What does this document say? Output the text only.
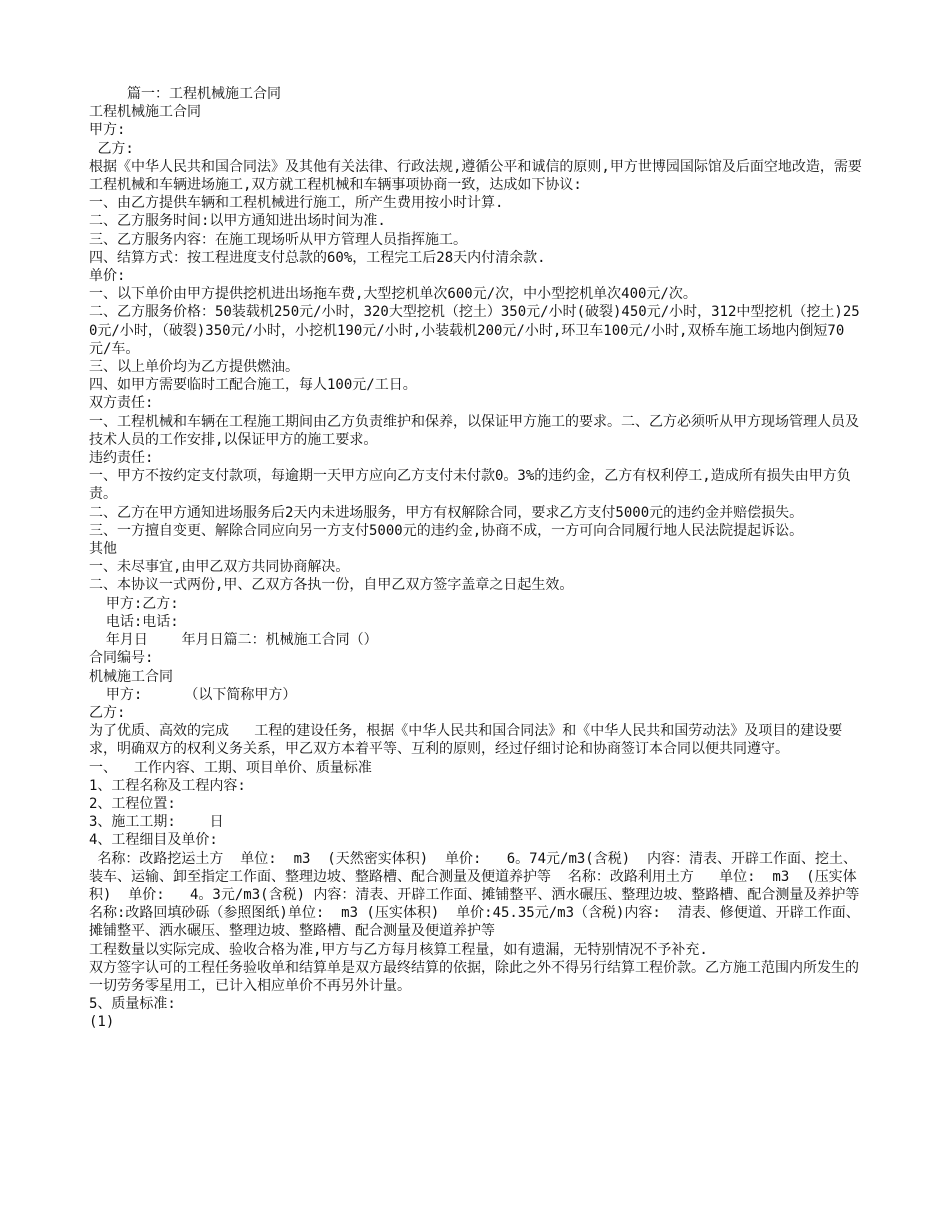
篇一：工程机械施工合同

工程机械施工合同

甲方:

乙方:

根据《中华人民共和国合同法》及其他有关法律、行政法规,遵循公平和诚信的原则,甲方世博园国际馆及后面空地改造，需要工程机械和车辆进场施工,双方就工程机械和车辆事项协商一致，达成如下协议:

一、由乙方提供车辆和工程机械进行施工，所产生费用按小时计算.

二、乙方服务时间:以甲方通知进出场时间为准.

三、乙方服务内容：在施工现场听从甲方管理人员指挥施工。

四、结算方式：按工程进度支付总款的60%，工程完工后28天内付清余款.

单价:

一、以下单价由甲方提供挖机进出场拖车费,大型挖机单次600元/次，中小型挖机单次400元/次。

二、乙方服务价格：50装载机250元/小时，320大型挖机（挖土）350元/小时(破裂)450元/小时，312中型挖机（挖土)250元/小时，（破裂)350元/小时，小挖机190元/小时,小装载机200元/小时,环卫车100元/小时,双桥车施工场地内倒短70元/车。

三、以上单价均为乙方提供燃油。

四、如甲方需要临时工配合施工，每人100元/工日。

双方责任:

一、工程机械和车辆在工程施工期间由乙方负责维护和保养，以保证甲方施工的要求。二、乙方必须听从甲方现场管理人员及技术人员的工作安排,以保证甲方的施工要求。

违约责任:

一、甲方不按约定支付款项，每逾期一天甲方应向乙方支付未付款0。3%的违约金，乙方有权利停工,造成所有损失由甲方负责。

二、乙方在甲方通知进场服务后2天内未进场服务，甲方有权解除合同，要求乙方支付5000元的违约金并赔偿损失。

三、一方擅自变更、解除合同应向另一方支付5000元的违约金,协商不成，一方可向合同履行地人民法院提起诉讼。

其他

一、未尽事宜,由甲乙双方共同协商解决。

二、本协议一式两份,甲、乙双方各执一份，自甲乙双方签字盖章之日起生效。

甲方:乙方:

电话:电话:

年月日    年月日篇二：机械施工合同（）

合同编号:

机械施工合同

甲方:     （以下简称甲方）

乙方:

为了优质、高效的完成   工程的建设任务，根据《中华人民共和国合同法》和《中华人民共和国劳动法》及项目的建设要求，明确双方的权利义务关系，甲乙双方本着平等、互利的原则，经过仔细讨论和协商签订本合同以便共同遵守。

一、  工作内容、工期、项目单价、质量标准

1、工程名称及工程内容:

2、工程位置:

3、施工工期:    日

4、工程细目及单价:

名称：改路挖运土方  单位:  m3  (天然密实体积)  单价:   6。74元/m3(含税)  内容：清表、开辟工作面、挖土、装车、运输、卸至指定工作面、整理边坡、整路槽、配合测量及便道养护等  名称：改路利用土方   单位:  m3  (压实体积)  单价:   4。3元/m3(含税) 内容：清表、开辟工作面、摊铺整平、洒水碾压、整理边坡、整路槽、配合测量及养护等  名称:改路回填砂砾（参照图纸)单位:  m3 (压实体积)  单价:45.35元/m3（含税)内容:  清表、修便道、开辟工作面、摊铺整平、洒水碾压、整理边坡、整路槽、配合测量及便道养护等

工程数量以实际完成、验收合格为准,甲方与乙方每月核算工程量，如有遗漏，无特别情况不予补充.

双方签字认可的工程任务验收单和结算单是双方最终结算的依据，除此之外不得另行结算工程价款。乙方施工范围内所发生的一切劳务零星用工，已计入相应单价不再另外计量。

5、质量标准:

(1)
